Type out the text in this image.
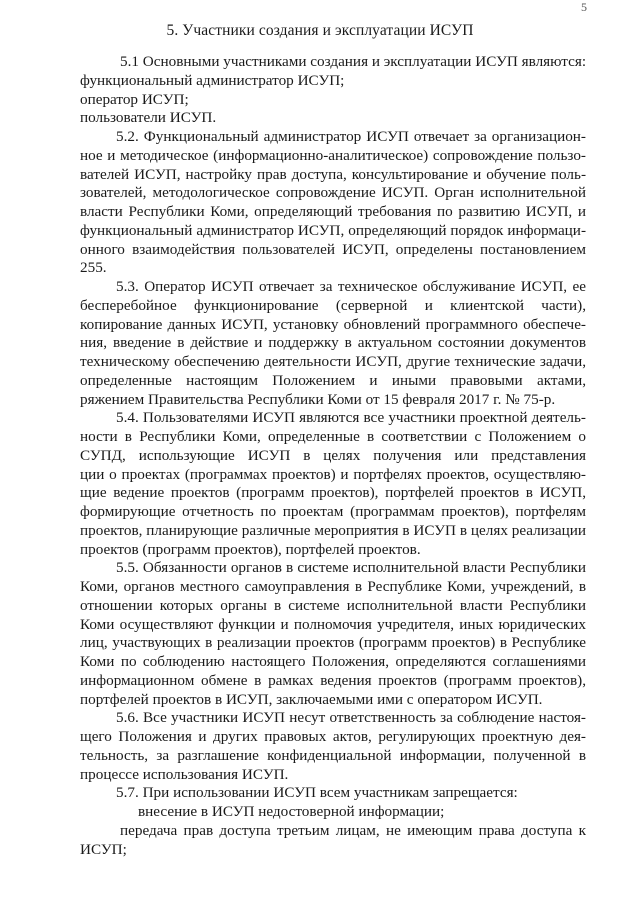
5
5. Участники создания и эксплуатации ИСУП
5.1 Основными участниками создания и эксплуатации ИСУП являются:
функциональный администратор ИСУП;
оператор ИСУП;
пользователи ИСУП.
5.2. Функциональный администратор ИСУП отвечает за организацион-
ное и методическое (информационно-аналитическое) сопровождение пользо-
вателей ИСУП, настройку прав доступа, консультирование и обучение поль-
зователей, методологическое сопровождение ИСУП. Орган исполнительной
власти Республики Коми, определяющий требования по развитию ИСУП, и
функциональный администратор ИСУП, определяющий порядок информаци-
онного взаимодействия пользователей ИСУП, определены постановлением
255.
5.3. Оператор ИСУП отвечает за техническое обслуживание ИСУП, ее
бесперебойное функционирование (серверной и клиентской части),
копирование данных ИСУП, установку обновлений программного обеспече-
ния, введение в действие и поддержку в актуальном состоянии документов
техническому обеспечению деятельности ИСУП, другие технические задачи,
определенные настоящим Положением и иными правовыми актами,
ряжением Правительства Республики Коми от 15 февраля 2017 г. № 75-р.
5.4. Пользователями ИСУП являются все участники проектной деятель-
ности в Республики Коми, определенные в соответствии с Положением о
СУПД, использующие ИСУП в целях получения или представления
ции о проектах (программах проектов) и портфелях проектов, осуществляю-
щие ведение проектов (программ проектов), портфелей проектов в ИСУП,
формирующие отчетность по проектам (программам проектов), портфелям
проектов, планирующие различные мероприятия в ИСУП в целях реализации
проектов (программ проектов), портфелей проектов.
5.5. Обязанности органов в системе исполнительной власти Республики
Коми, органов местного самоуправления в Республике Коми, учреждений, в
отношении которых органы в системе исполнительной власти Республики
Коми осуществляют функции и полномочия учредителя, иных юридических
лиц, участвующих в реализации проектов (программ проектов) в Республике
Коми по соблюдению настоящего Положения, определяются соглашениями
информационном обмене в рамках ведения проектов (программ проектов),
портфелей проектов в ИСУП, заключаемыми ими с оператором ИСУП.
5.6. Все участники ИСУП несут ответственность за соблюдение настоя-
щего Положения и других правовых актов, регулирующих проектную дея-
тельность, за разглашение конфиденциальной информации, полученной в
процессе использования ИСУП.
5.7. При использовании ИСУП всем участникам запрещается:
внесение в ИСУП недостоверной информации;
передача прав доступа третьим лицам, не имеющим права доступа к
ИСУП;
